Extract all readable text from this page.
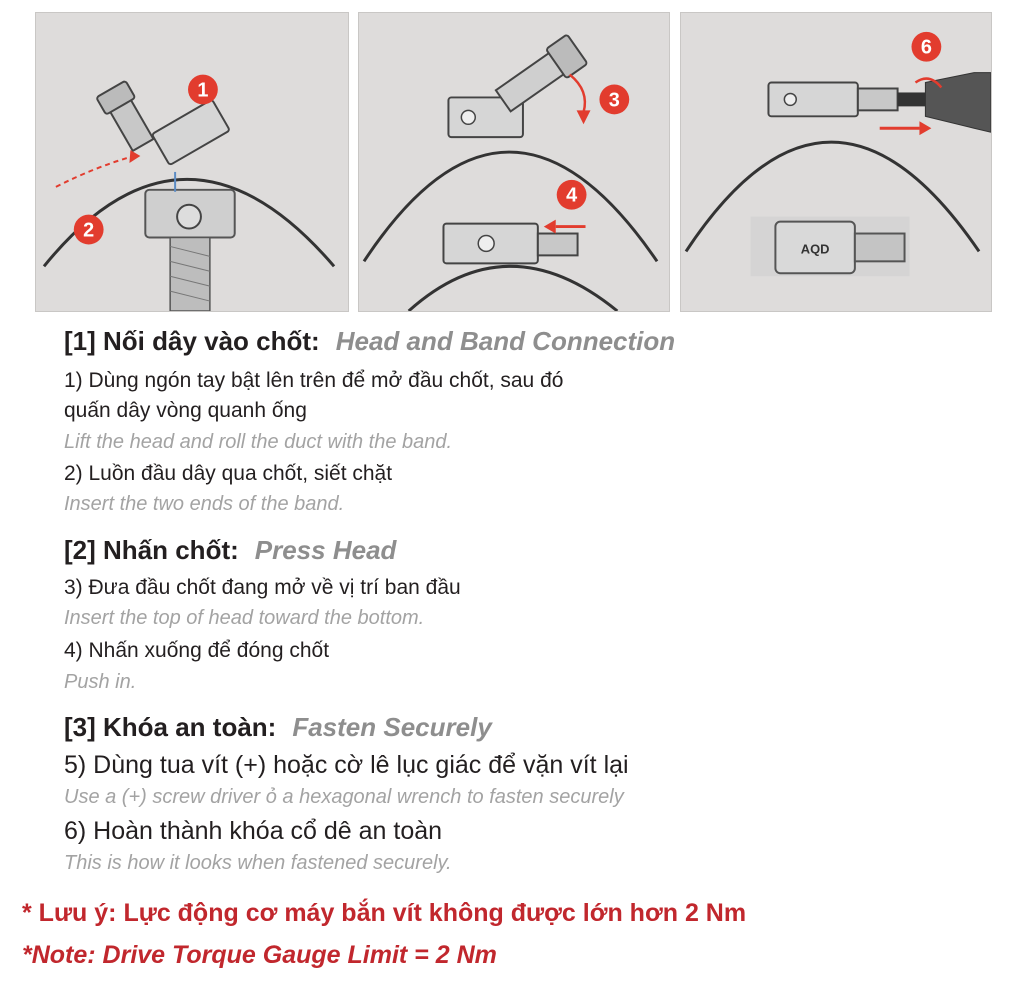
1
2
3
4
6
AQD
[1] Nối dây vào chốt: Head and Band Connection
1) Dùng ngón tay bật lên trên để mở đầu chốt, sau đó
quấn dây vòng quanh ống
Lift the head and roll the duct with the band.
2) Luồn đầu dây qua chốt, siết chặt
Insert the two ends of the band.
[2] Nhấn chốt: Press Head
3) Đưa đầu chốt đang mở về vị trí ban đầu
Insert the top of head toward the bottom.
4) Nhấn xuống để đóng chốt
Push in.
[3] Khóa an toàn: Fasten Securely
5) Dùng tua vít (+) hoặc cờ lê lục giác để vặn vít lại
Use a (+) screw driver ỏ a hexagonal wrench to fasten securely
6) Hoàn thành khóa cổ dê an toàn
This is how it looks when fastened securely.
* Lưu ý: Lực động cơ máy bắn vít không được lớn hơn 2 Nm
*Note: Drive Torque Gauge Limit = 2 Nm
